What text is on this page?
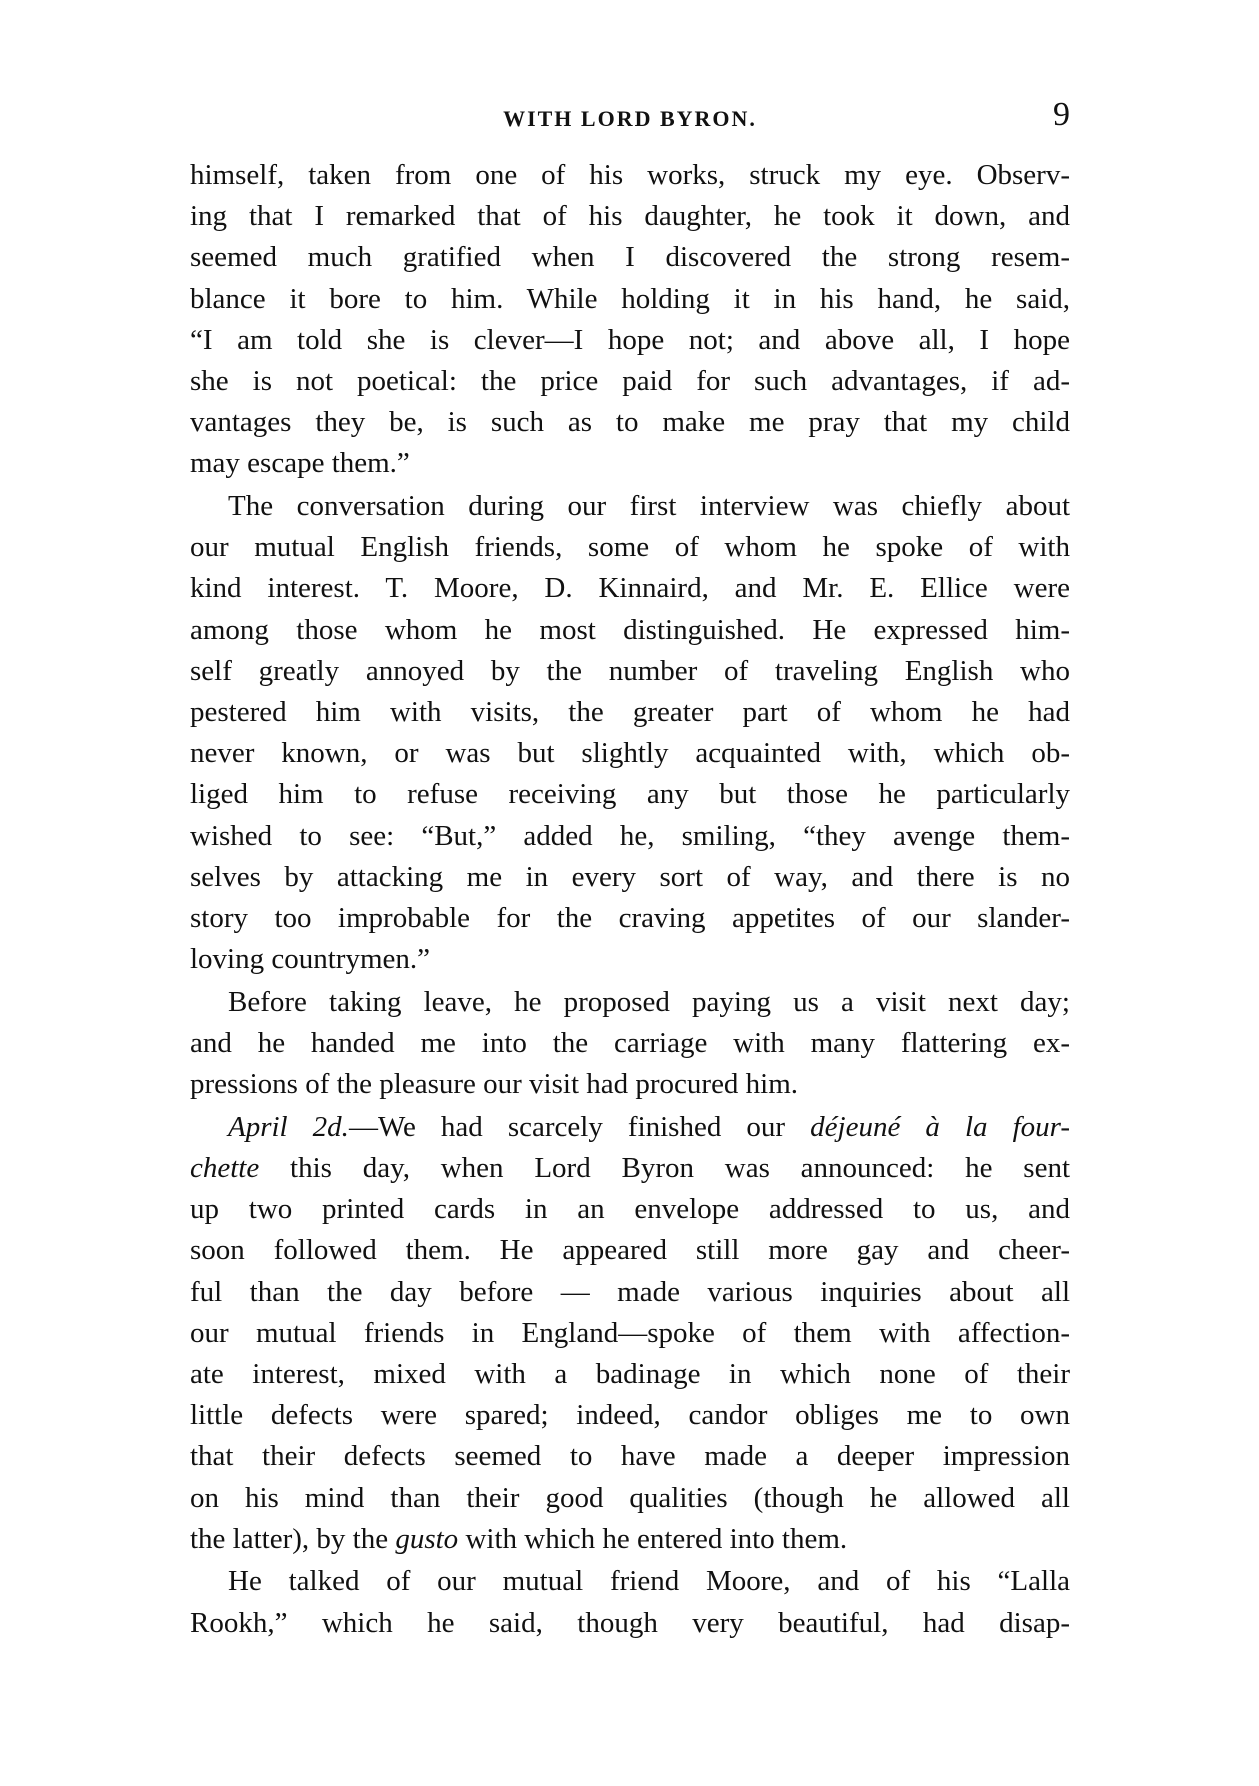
WITH LORD BYRON.	9
himself, taken from one of his works, struck my eye. Observ-
ing that I remarked that of his daughter, he took it down, and
seemed much gratified when I discovered the strong resem-
blance it bore to him. While holding it in his hand, he said,
“I am told she is clever—I hope not; and above all, I hope
she is not poetical: the price paid for such advantages, if ad-
vantages they be, is such as to make me pray that my child
may escape them.”
The conversation during our first interview was chiefly about
our mutual English friends, some of whom he spoke of with
kind interest. T. Moore, D. Kinnaird, and Mr. E. Ellice were
among those whom he most distinguished. He expressed him-
self greatly annoyed by the number of traveling English who
pestered him with visits, the greater part of whom he had
never known, or was but slightly acquainted with, which ob-
liged him to refuse receiving any but those he particularly
wished to see: “But,” added he, smiling, “they avenge them-
selves by attacking me in every sort of way, and there is no
story too improbable for the craving appetites of our slander-
loving countrymen.”
Before taking leave, he proposed paying us a visit next day;
and he handed me into the carriage with many flattering ex-
pressions of the pleasure our visit had procured him.
April 2d.—We had scarcely finished our déjeuné à la four-
chette this day, when Lord Byron was announced: he sent
up two printed cards in an envelope addressed to us, and
soon followed them. He appeared still more gay and cheer-
ful than the day before — made various inquiries about all
our mutual friends in England—spoke of them with affection-
ate interest, mixed with a badinage in which none of their
little defects were spared; indeed, candor obliges me to own
that their defects seemed to have made a deeper impression
on his mind than their good qualities (though he allowed all
the latter), by the gusto with which he entered into them.
He talked of our mutual friend Moore, and of his “Lalla
Rookh,” which he said, though very beautiful, had disap-
